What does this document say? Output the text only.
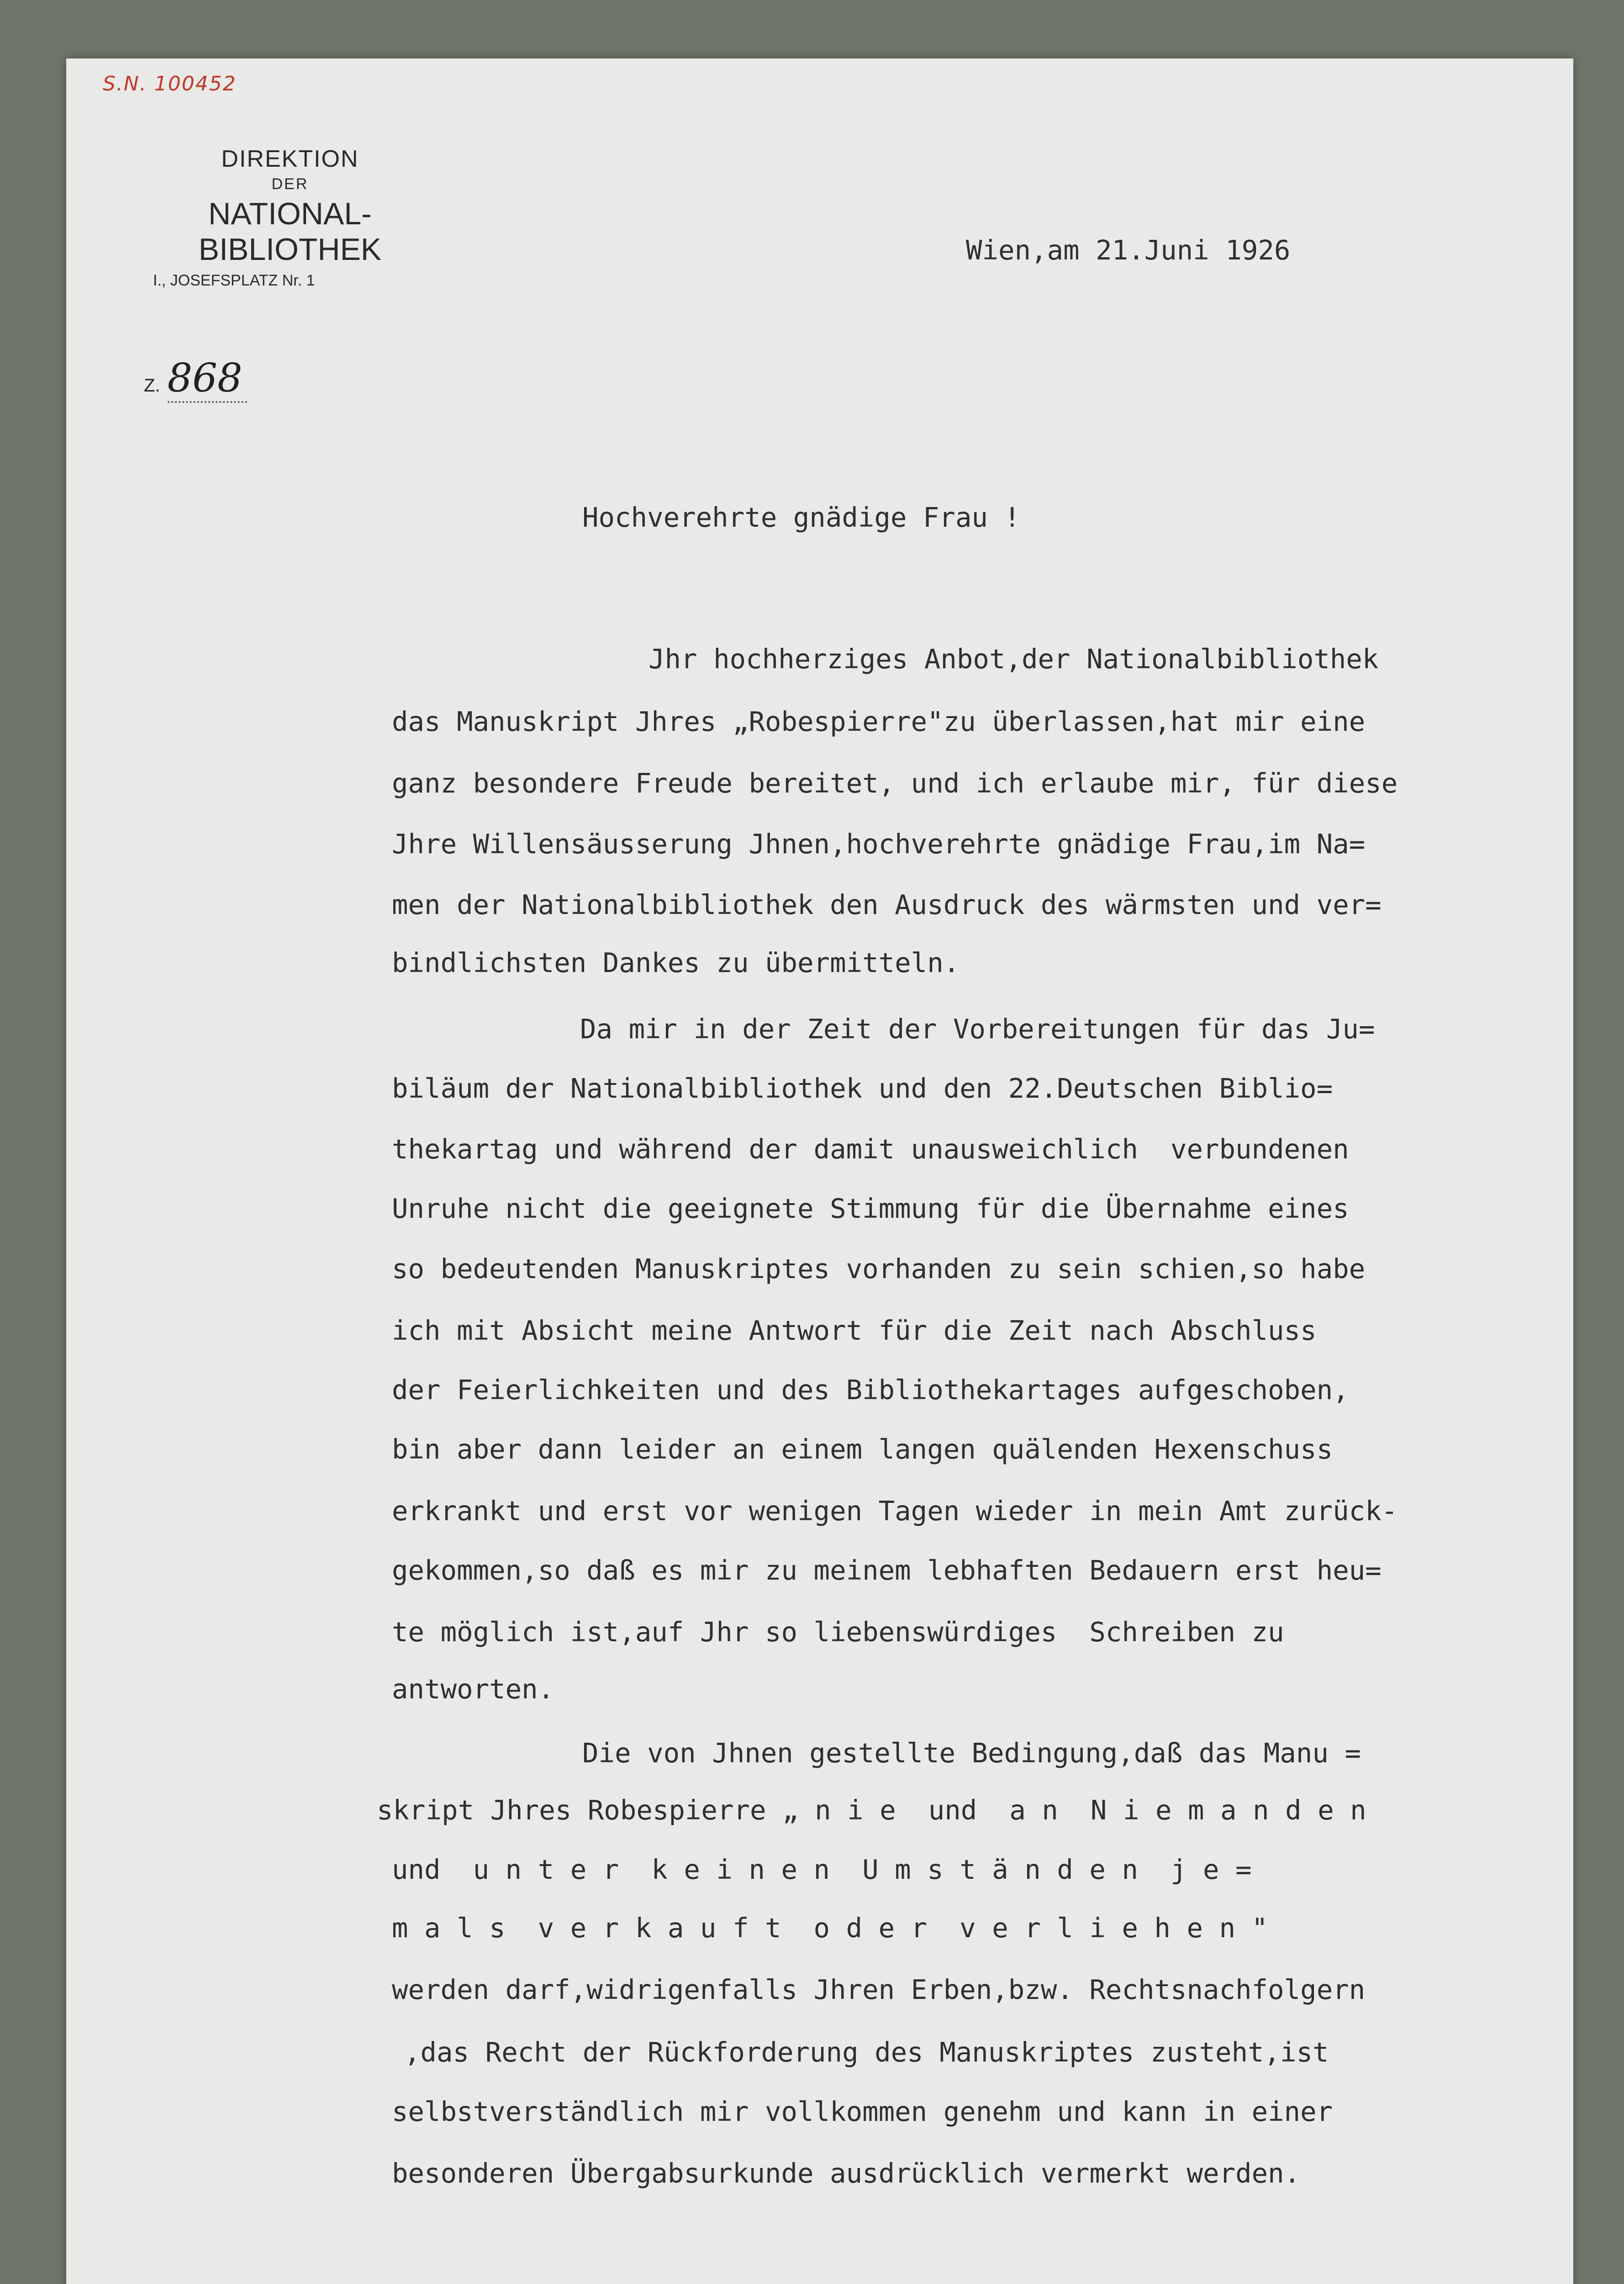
S.N. 100452
DIREKTION
DER
NATIONAL-BIBLIOTHEK
I., JOSEFSPLATZ Nr. 1
Z. 868
Wien,am 21.Juni 1926
Hochverehrte gnädige Frau !
Jhr hochherziges Anbot,der Nationalbibliothek
das Manuskript Jhres „Robespierre"zu überlassen,hat mir eine
ganz besondere Freude bereitet, und ich erlaube mir, für diese
Jhre Willensäusserung Jhnen,hochverehrte gnädige Frau,im Na=
men der Nationalbibliothek den Ausdruck des wärmsten und ver=
bindlichsten Dankes zu übermitteln.
Da mir in der Zeit der Vorbereitungen für das Ju=
biläum der Nationalbibliothek und den 22.Deutschen Biblio=
thekartag und während der damit unausweichlich  verbundenen
Unruhe nicht die geeignete Stimmung für die Übernahme eines
so bedeutenden Manuskriptes vorhanden zu sein schien,so habe
ich mit Absicht meine Antwort für die Zeit nach Abschluss
der Feierlichkeiten und des Bibliothekartages aufgeschoben,
bin aber dann leider an einem langen quälenden Hexenschuss
erkrankt und erst vor wenigen Tagen wieder in mein Amt zurück-
gekommen,so daß es mir zu meinem lebhaften Bedauern erst heu=
te möglich ist,auf Jhr so liebenswürdiges  Schreiben zu
antworten.
Die von Jhnen gestellte Bedingung,daß das Manu =
skript Jhres Robespierre „ n i e  und  a n  N i e m a n d e n
und  u n t e r  k e i n e n  U m s t ä n d e n  j e =
m a l s  v e r k a u f t  o d e r  v e r l i e h e n "
werden darf,widrigenfalls Jhren Erben,bzw. Rechtsnachfolgern
,das Recht der Rückforderung des Manuskriptes zusteht,ist
selbstverständlich mir vollkommen genehm und kann in einer
besonderen Übergabsurkunde ausdrücklich vermerkt werden.
